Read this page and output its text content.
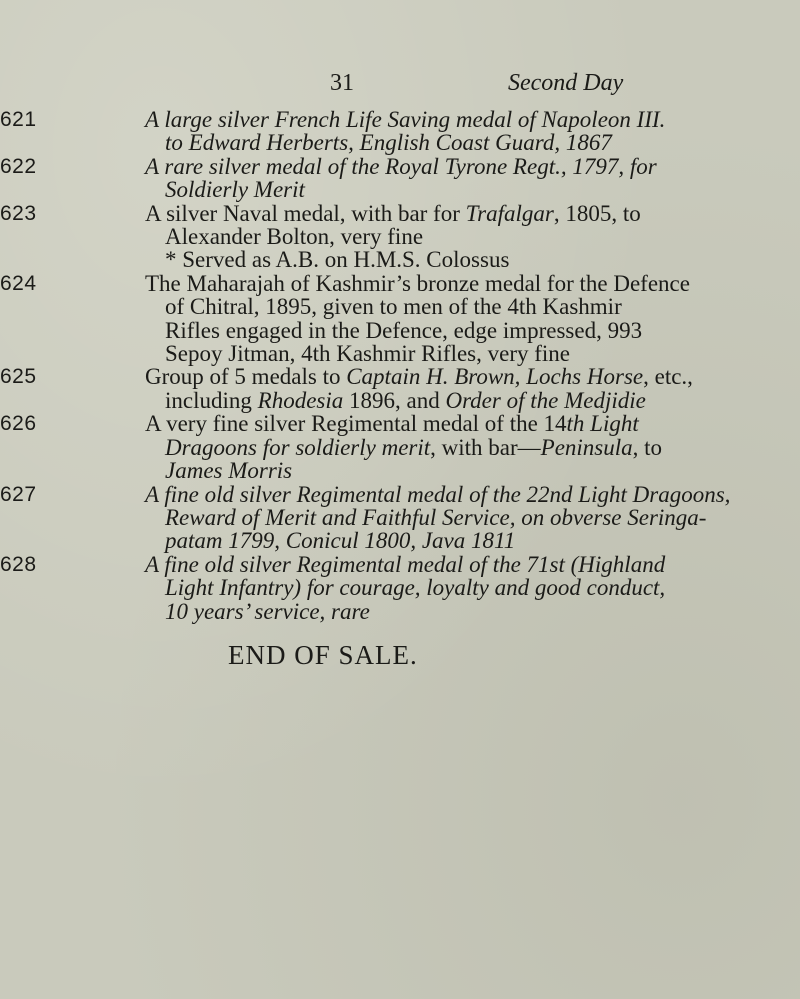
31	Second Day
621	A large silver French Life Saving medal of Napoleon III.
to Edward Herberts, English Coast Guard, 1867
622	A rare silver medal of the Royal Tyrone Regt., 1797, for
Soldierly Merit
623	A silver Naval medal, with bar for Trafalgar, 1805, to
Alexander Bolton, very fine
* Served as A.B. on H.M.S. Colossus
624	The Maharajah of Kashmir’s bronze medal for the Defence
of Chitral, 1895, given to men of the 4th Kashmir
Rifles engaged in the Defence, edge impressed, 993
Sepoy Jitman, 4th Kashmir Rifles, very fine
625	Group of 5 medals to Captain H. Brown, Lochs Horse, etc.,
including Rhodesia 1896, and Order of the Medjidie
626	A very fine silver Regimental medal of the 14th Light
Dragoons for soldierly merit, with bar—Peninsula, to
James Morris
627	A fine old silver Regimental medal of the 22nd Light Dragoons,
Reward of Merit and Faithful Service, on obverse Seringa-
patam 1799, Conicul 1800, Java 1811
628	A fine old silver Regimental medal of the 71st (Highland
Light Infantry) for courage, loyalty and good conduct,
10 years’ service, rare
END OF SALE.
